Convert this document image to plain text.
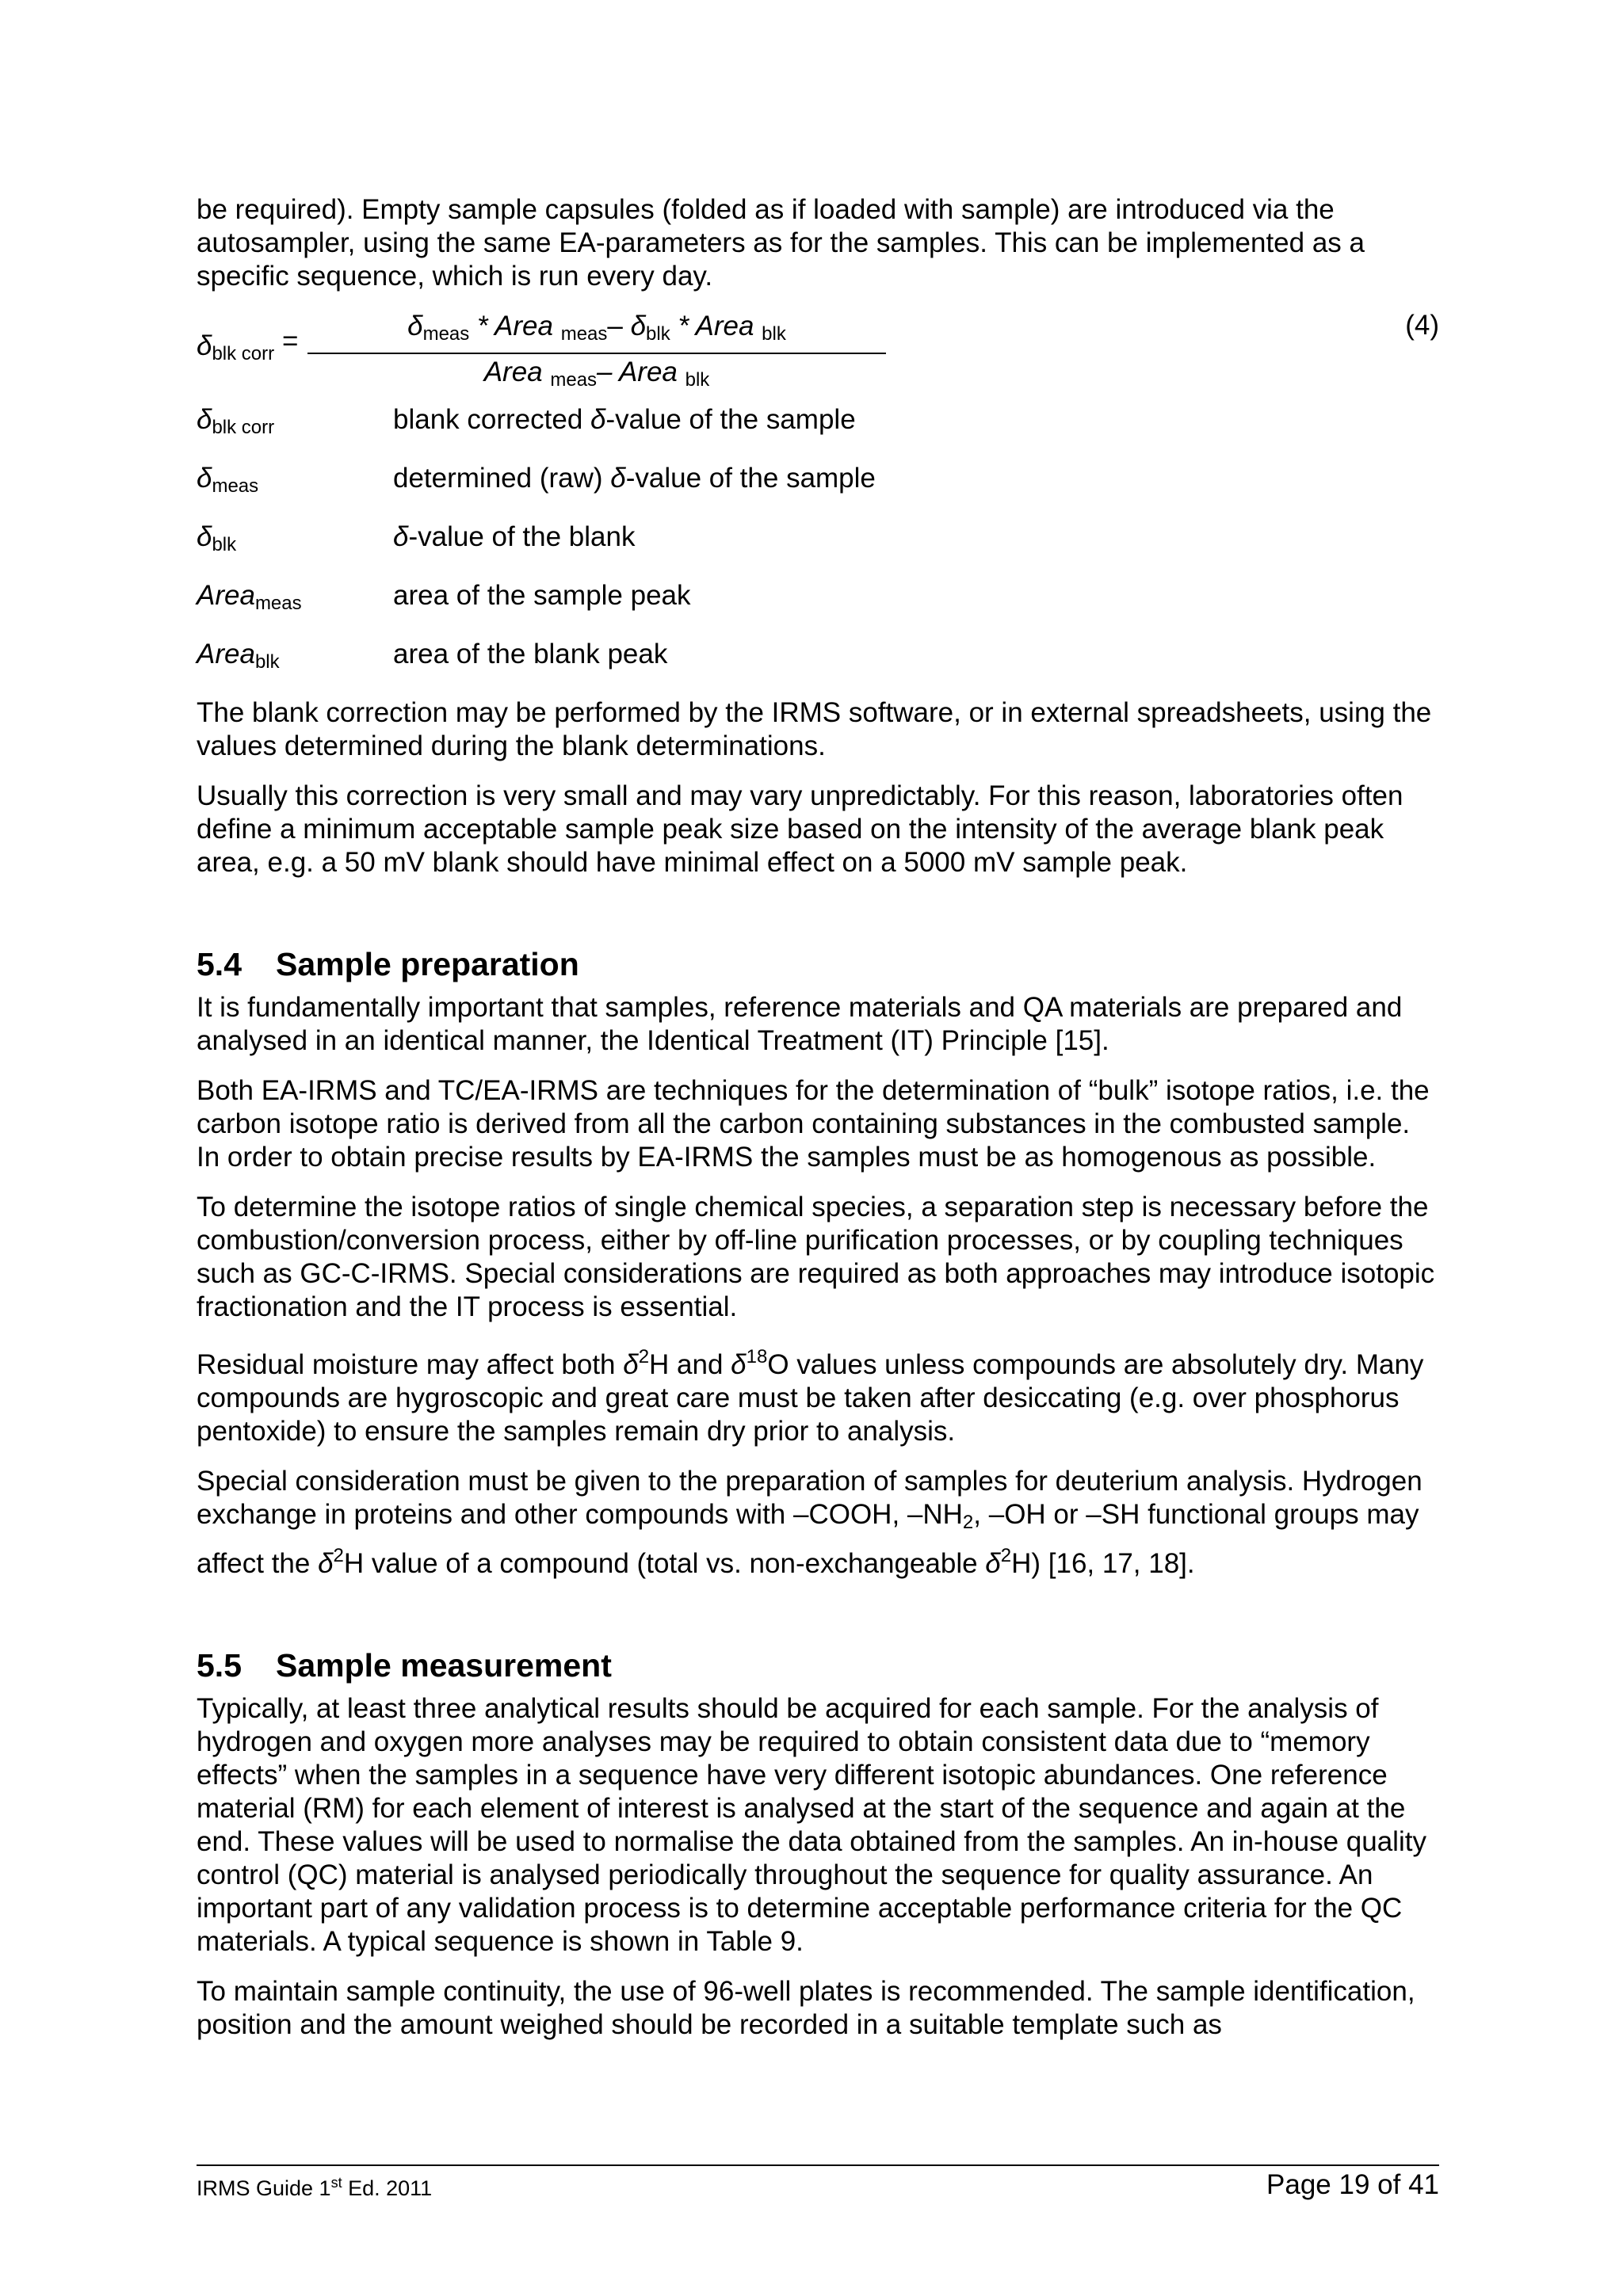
be required). Empty sample capsules (folded as if loaded with sample) are introduced via the autosampler, using the same EA-parameters as for the samples. This can be implemented as a specific sequence, which is run every day.

$\delta_{blk corr}$ =	$\delta_{meas}$ * Area $_{meas}$– $\delta_{blk}$ * Area $_{blk}$
Area $_{meas}$– Area $_{blk}$
(4)
$\delta_{blk corr}$	blank corrected δ-value of the sample
$\delta_{meas}$	determined (raw) δ-value of the sample
$\delta_{blk}$	δ-value of the blank
Area$_{meas}$	area of the sample peak
Area$_{blk}$	area of the blank peak

The blank correction may be performed by the IRMS software, or in external spreadsheets, using the values determined during the blank determinations.

Usually this correction is very small and may vary unpredictably. For this reason, laboratories often define a minimum acceptable sample peak size based on the intensity of the average blank peak area, e.g. a 50 mV blank should have minimal effect on a 5000 mV sample peak.

5.4 Sample preparation

It is fundamentally important that samples, reference materials and QA materials are prepared and analysed in an identical manner, the Identical Treatment (IT) Principle [15].

Both EA-IRMS and TC/EA-IRMS are techniques for the determination of “bulk” isotope ratios, i.e. the carbon isotope ratio is derived from all the carbon containing substances in the combusted sample. In order to obtain precise results by EA-IRMS the samples must be as homogenous as possible.

To determine the isotope ratios of single chemical species, a separation step is necessary before the combustion/conversion process, either by off-line purification processes, or by coupling techniques such as GC-C-IRMS. Special considerations are required as both approaches may introduce isotopic fractionation and the IT process is essential.

Residual moisture may affect both $\delta^2H$ and $\delta^{18}O$ values unless compounds are absolutely dry. Many compounds are hygroscopic and great care must be taken after desiccating (e.g. over phosphorus pentoxide) to ensure the samples remain dry prior to analysis.

Special consideration must be given to the preparation of samples for deuterium analysis. Hydrogen exchange in proteins and other compounds with –COOH, $-NH_2$, –OH or –SH functional groups may affect the $\delta^2H$ value of a compound (total vs. non-exchangeable $\delta^2H$) [16, 17, 18].

5.5 Sample measurement

Typically, at least three analytical results should be acquired for each sample. For the analysis of hydrogen and oxygen more analyses may be required to obtain consistent data due to “memory effects” when the samples in a sequence have very different isotopic abundances. One reference material (RM) for each element of interest is analysed at the start of the sequence and again at the end. These values will be used to normalise the data obtained from the samples. An in-house quality control (QC) material is analysed periodically throughout the sequence for quality assurance. An important part of any validation process is to determine acceptable performance criteria for the QC materials. A typical sequence is shown in Table 9.

To maintain sample continuity, the use of 96-well plates is recommended. The sample identification, position and the amount weighed should be recorded in a suitable template such as

IRMS Guide 1st Ed. 2011	Page 19 of 41
